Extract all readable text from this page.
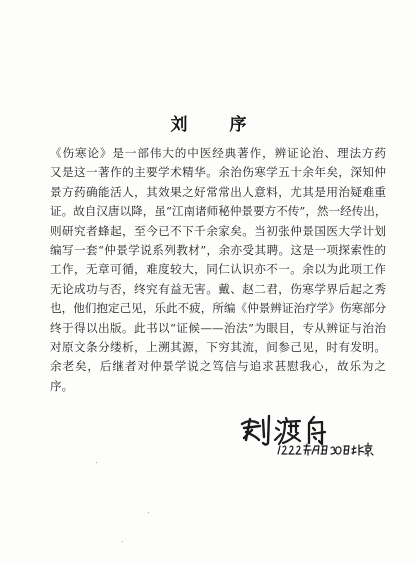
刘 序
《伤寒论》是一部伟大的中医经典著作，辨证论治、理法方药
又是这一著作的主要学术精华。余治伤寒学五十余年矣，深知仲
景方药确能活人，其效果之好常常出人意料，尤其是用治疑难重
证。故自汉唐以降，虽“江南诸师秘仲景要方不传”，然一经传出，
则研究者蜂起，至今已不下千余家矣。当初张仲景国医大学计划
编写一套“仲景学说系列教材”，余亦受其聘。这是一项探索性的
工作，无章可循，难度较大，同仁认识亦不一。余以为此项工作
无论成功与否，终究有益无害。戴、赵二君，伤寒学界后起之秀
也，他们抱定己见，乐此不疲，所编《仲景辨证治疗学》伤寒部分
终于得以出版。此书以“证候——治法”为眼目，专从辨证与治治
对原文条分缕析，上溯其源，下穷其流，间参己见，时有发明。
余老矣，后继者对仲景学说之笃信与追求甚慰我心，故乐为之
序。
